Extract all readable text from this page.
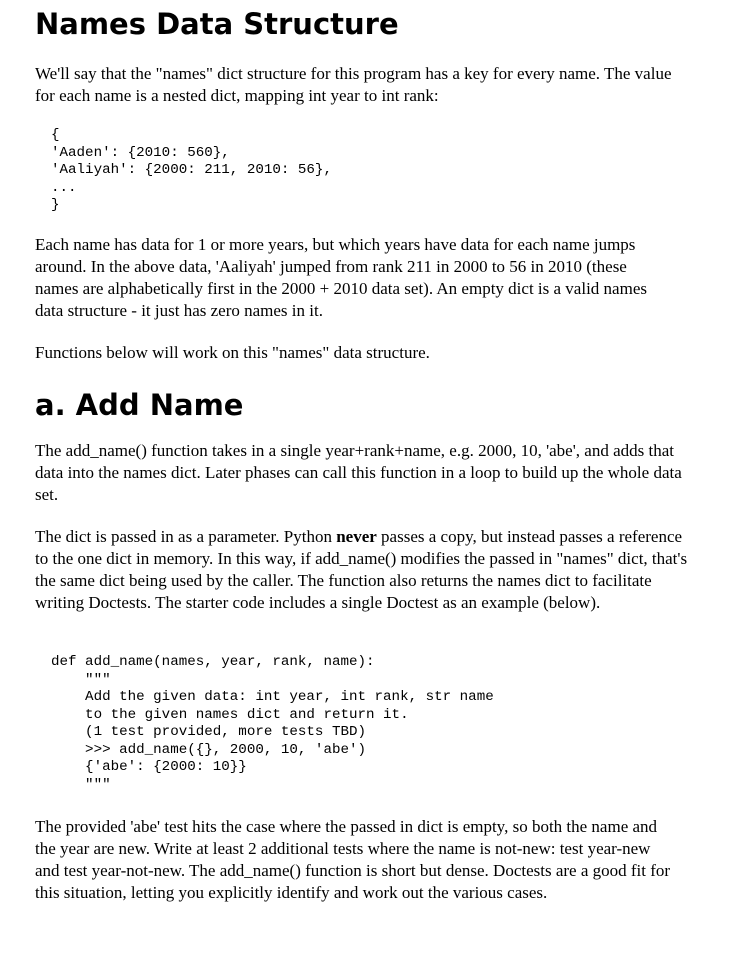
Names Data Structure

We'll say that the "names" dict structure for this program has a key for every name. The value for each name is a nested dict, mapping int year to int rank:

{
'Aaden': {2010: 560},
'Aaliyah': {2000: 211, 2010: 56},
...
}

Each name has data for 1 or more years, but which years have data for each name jumps around. In the above data, 'Aaliyah' jumped from rank 211 in 2000 to 56 in 2010 (these names are alphabetically first in the 2000 + 2010 data set). An empty dict is a valid names data structure - it just has zero names in it.

Functions below will work on this "names" data structure.

a. Add Name

The add_name() function takes in a single year+rank+name, e.g. 2000, 10, 'abe', and adds that data into the names dict. Later phases can call this function in a loop to build up the whole data set.

The dict is passed in as a parameter. Python never passes a copy, but instead passes a reference to the one dict in memory. In this way, if add_name() modifies the passed in "names" dict, that's the same dict being used by the caller. The function also returns the names dict to facilitate writing Doctests. The starter code includes a single Doctest as an example (below).

def add_name(names, year, rank, name):
"""
Add the given data: int year, int rank, str name
to the given names dict and return it.
(1 test provided, more tests TBD)
>>> add_name({}, 2000, 10, 'abe')
{'abe': {2000: 10}}
"""

The provided 'abe' test hits the case where the passed in dict is empty, so both the name and the year are new. Write at least 2 additional tests where the name is not-new: test year-new and test year-not-new. The add_name() function is short but dense. Doctests are a good fit for this situation, letting you explicitly identify and work out the various cases.
